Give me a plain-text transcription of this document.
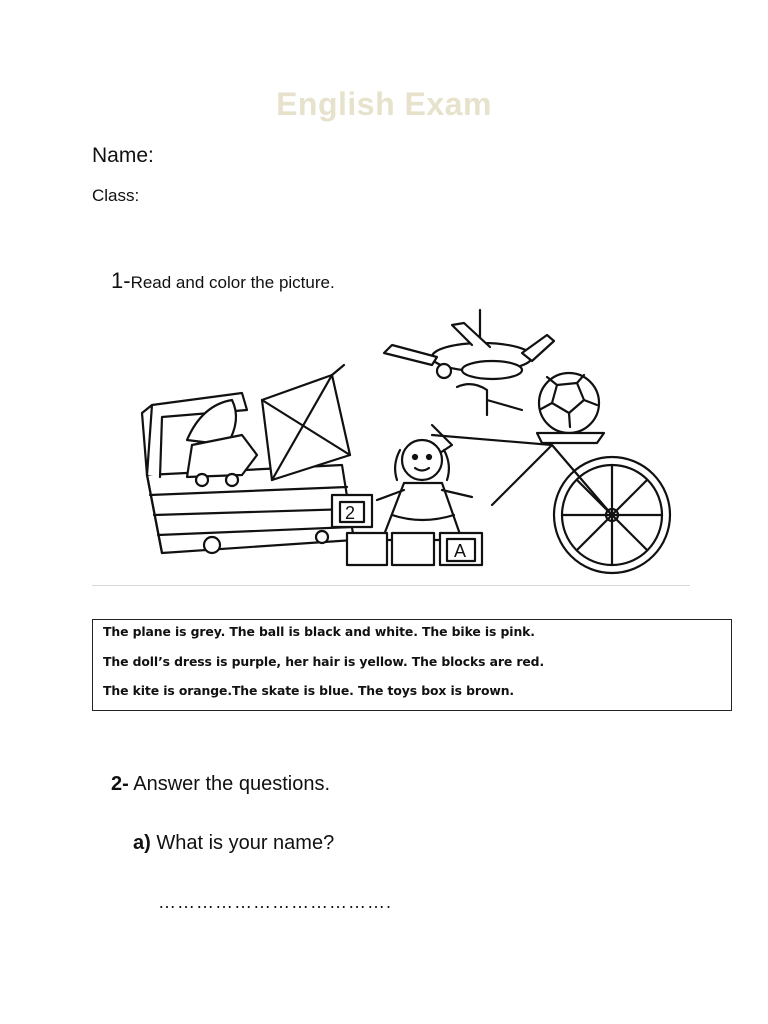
English Exam
Name:
Class:
1-Read and color the picture.
2
A

The plane is grey. The ball is black and white. The bike is pink.

The doll’s dress is purple, her hair is yellow. The blocks are red.

The kite is orange.The skate is blue. The toys box is brown.

2- Answer the questions.
a) What is your name?
……………………………….
